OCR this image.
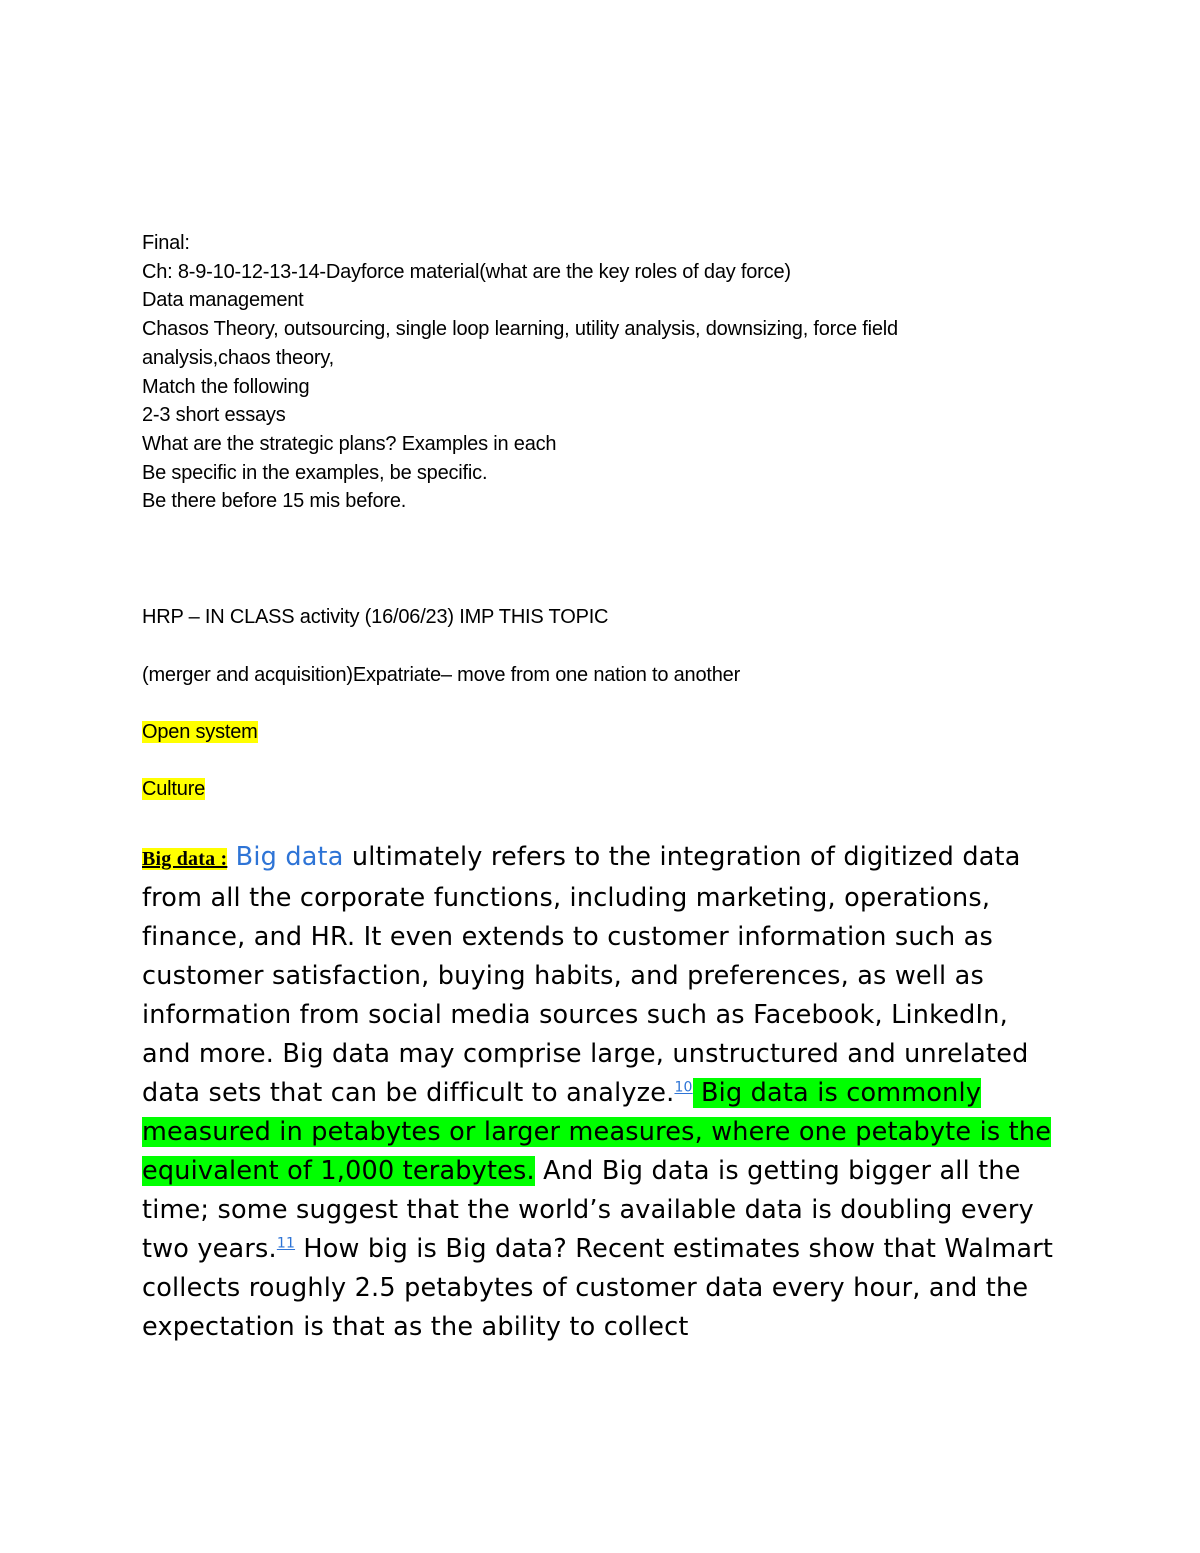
Final:
Ch: 8-9-10-12-13-14-Dayforce material(what are the key roles of day force)
Data management
Chasos Theory, outsourcing, single loop learning, utility analysis, downsizing, force field
analysis,chaos theory,
Match the following
2-3 short essays
What are the strategic plans? Examples in each
Be specific in the examples, be specific.
Be there before 15 mis before.
HRP – IN CLASS activity (16/06/23) IMP THIS TOPIC
(merger and acquisition)Expatriate– move from one nation to another
Open system
Culture
Big data : Big data ultimately refers to the integration of digitized data from all the corporate functions, including marketing, operations, finance, and HR. It even extends to customer information such as customer satisfaction, buying habits, and preferences, as well as information from social media sources such as Facebook, LinkedIn, and more. Big data may comprise large, unstructured and unrelated data sets that can be difficult to analyze.$^{10}$ Big data is commonly measured in petabytes or larger measures, where one petabyte is the equivalent of 1,000 terabytes. And Big data is getting bigger all the time; some suggest that the world’s available data is doubling every two years.$^{11}$ How big is Big data? Recent estimates show that Walmart collects roughly 2.5 petabytes of customer data every hour, and the expectation is that as the ability to collect
